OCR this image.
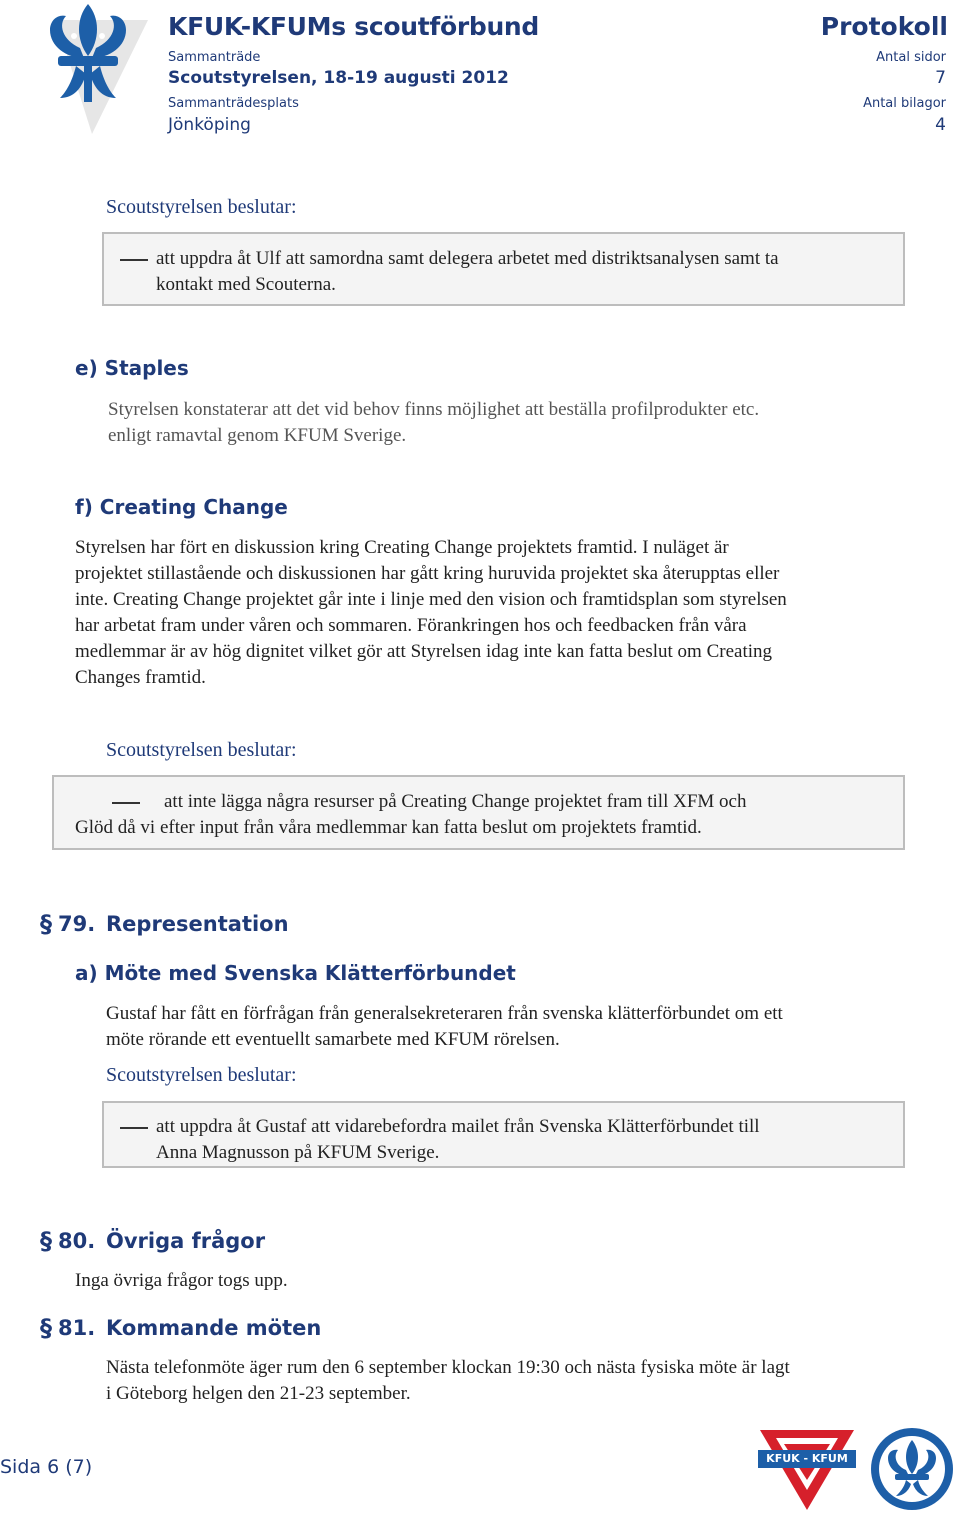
KFUK-KFUMs scoutförbund	Protokoll
Sammanträde
Scoutstyrelsen, 18-19 augusti 2012
Sammanträdesplats
Jönköping
Antal sidor
7
Antal bilagor
4
Scoutstyrelsen beslutar:
att uppdra åt Ulf att samordna samt delegera arbetet med distriktsanalysen samt ta
kontakt med Scouterna.
e) Staples
Styrelsen konstaterar att det vid behov finns möjlighet att beställa profilprodukter etc.
enligt ramavtal genom KFUM Sverige.
f) Creating Change
Styrelsen har fört en diskussion kring Creating Change projektets framtid. I nuläget är
projektet stillastående och diskussionen har gått kring huruvida projektet ska återupptas eller
inte. Creating Change projektet går inte i linje med den vision och framtidsplan som styrelsen
har arbetat fram under våren och sommaren. Förankringen hos och feedbacken från våra
medlemmar är av hög dignitet vilket gör att Styrelsen idag inte kan fatta beslut om Creating
Changes framtid.
Scoutstyrelsen beslutar:
att inte lägga några resurser på Creating Change projektet fram till XFM och
Glöd då vi efter input från våra medlemmar kan fatta beslut om projektets framtid.
§ 79. Representation
a) Möte med Svenska Klätterförbundet
Gustaf har fått en förfrågan från generalsekreteraren från svenska klätterförbundet om ett
möte rörande ett eventuellt samarbete med KFUM rörelsen.
Scoutstyrelsen beslutar:
att uppdra åt Gustaf att vidarebefordra mailet från Svenska Klätterförbundet till
Anna Magnusson på KFUM Sverige.
§ 80. Övriga frågor
Inga övriga frågor togs upp.
§ 81. Kommande möten
Nästa telefonmöte äger rum den 6 september klockan 19:30 och nästa fysiska möte är lagt
i Göteborg helgen den 21-23 september.
Sida 6 (7)	KFUK - KFUM
